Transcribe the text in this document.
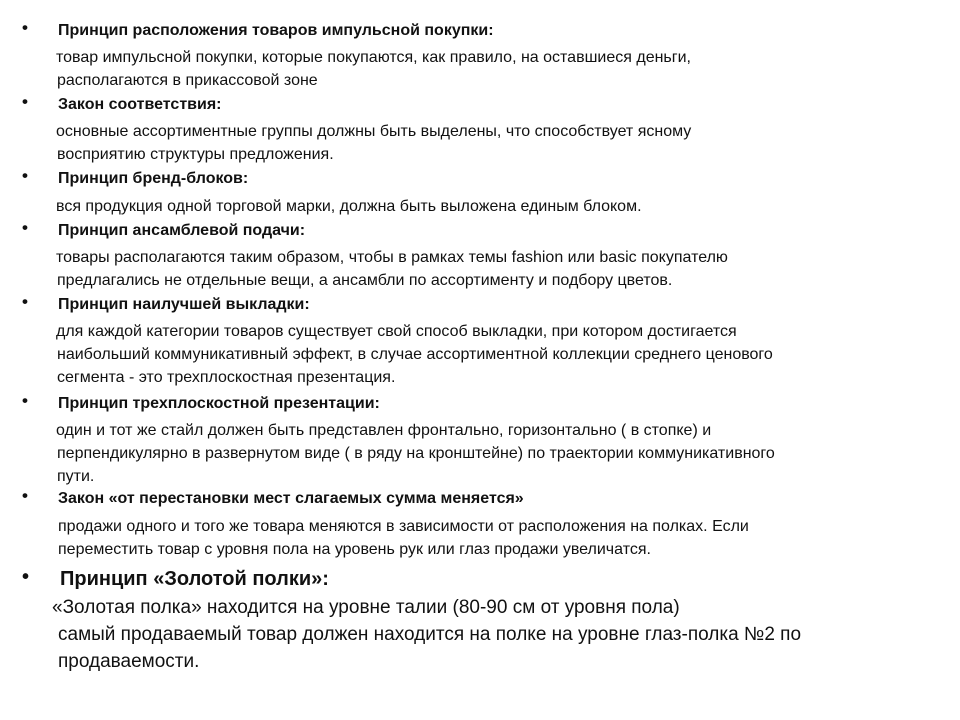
• Принцип расположения товаров импульсной покупки:
товар импульсной покупки, которые покупаются, как правило, на оставшиеся деньги,
располагаются в прикассовой зоне
• Закон соответствия:
основные ассортиментные группы должны быть выделены, что способствует ясному
восприятию структуры предложения.
• Принцип бренд-блоков:
вся продукция одной торговой марки, должна быть выложена единым блоком.
• Принцип ансамблевой подачи:
товары располагаются таким образом, чтобы в рамках темы fashion или basic покупателю
предлагались не отдельные вещи, а ансамбли по ассортименту и подбору цветов.
• Принцип наилучшей выкладки:
для каждой категории товаров существует свой способ выкладки, при котором достигается
наибольший коммуникативный эффект, в случае ассортиментной коллекции среднего ценового
сегмента - это трехплоскостная презентация.
• Принцип трехплоскостной презентации:
один и тот же стайл должен быть представлен фронтально, горизонтально ( в стопке) и
перпендикулярно в развернутом виде ( в ряду на кронштейне) по траектории коммуникативного
пути.
• Закон «от перестановки мест слагаемых сумма меняется»
продажи одного и того же товара меняются в зависимости от расположения на полках. Если
переместить товар с уровня пола на уровень рук или глаз продажи увеличатся.
• Принцип «Золотой полки»:
«Золотая полка» находится на уровне талии (80-90 см от уровня пола)
самый продаваемый товар должен находится на полке на уровне глаз-полка №2 по
продаваемости.
